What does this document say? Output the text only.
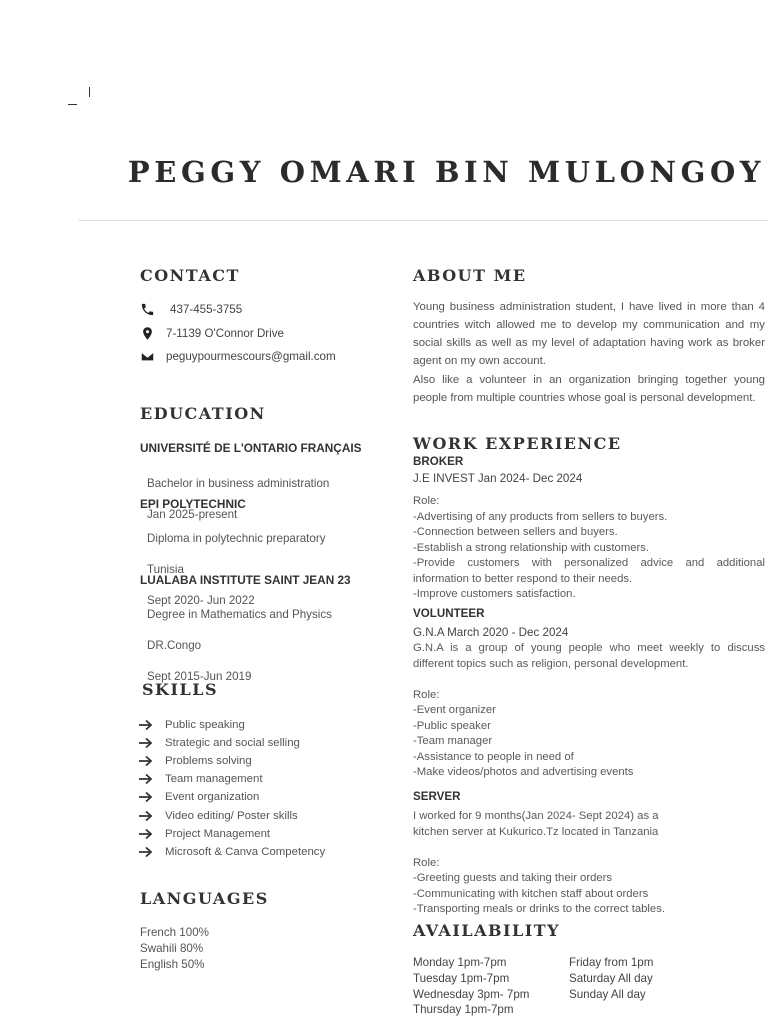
PEGGY OMARI BIN MULONGOY
CONTACT
437-455-3755
7-1139 O'Connor Drive
peguypourmescours@gmail.com
EDUCATION
UNIVERSITÉ DE L'ONTARIO FRANÇAIS

Bachelor in business administration

Jan 2025-present

EPI POLYTECHNIC

Diploma in polytechnic preparatory

Tunisia

Sept 2020- Jun 2022

LUALABA INSTITUTE SAINT JEAN 23

Degree in Mathematics and Physics

DR.Congo

Sept 2015-Jun 2019

SKILLS
Public speaking
Strategic and social selling
Problems solving
Team management
Event organization
Video editing/ Poster skills
Project Management
Microsoft & Canva Competency
LANGUAGES
French 100%
Swahili 80%
English 50%
ABOUT ME
Young business administration student, I have lived in more than 4 countries witch allowed me to develop my communication and my social skills as well as my level of adaptation having work as broker agent on my own account.
Also like a volunteer in an organization bringing together young people from multiple countries whose goal is personal development.
WORK EXPERIENCE
BROKER
J.E INVEST Jan 2024- Dec 2024
Role:
-Advertising of any products from sellers to buyers.
-Connection between sellers and buyers.
-Establish a strong relationship with customers.
-Provide customers with personalized advice and additional information to better respond to their needs.
-Improve customers satisfaction.
VOLUNTEER
G.N.A March 2020 - Dec 2024
G.N.A is a group of young people who meet weekly to discuss different topics such as religion, personal development.
Role:
-Event organizer
-Public speaker
-Team manager
-Assistance to people in need of
-Make videos/photos and advertising events
SERVER
I worked for 9 months(Jan 2024- Sept 2024) as a
kitchen server at Kukurico.Tz located in Tanzania
Role:
-Greeting guests and taking their orders
-Communicating with kitchen staff about orders
-Transporting meals or drinks to the correct tables.
AVAILABILITY
Monday 1pm-7pm
Tuesday 1pm-7pm
Wednesday 3pm- 7pm
Thursday 1pm-7pm
Friday from 1pm
Saturday All day
Sunday All day
